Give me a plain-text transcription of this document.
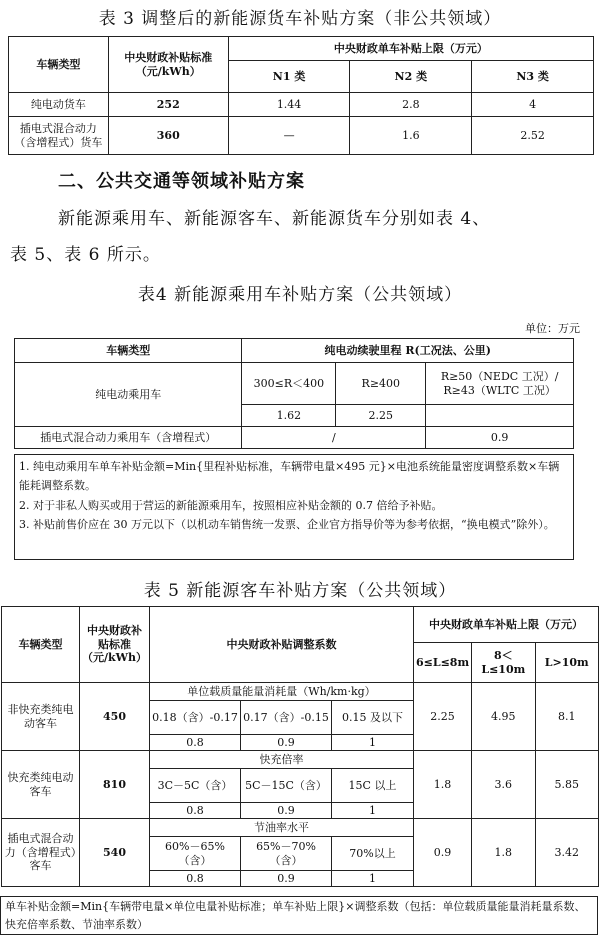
表 3 调整后的新能源货车补贴方案（非公共领域）
车辆类型	中央财政补贴标准（元/kWh）	中央财政单车补贴上限（万元）		
		N1 类	N2 类	N3 类
纯电动货车	252	1.44	2.8	4
插电式混合动力（含增程式）货车	360	—	1.6	2.52
二、公共交通等领域补贴方案
新能源乘用车、新能源客车、新能源货车分别如表 4、
表 5、表 6 所示。
表4 新能源乘用车补贴方案（公共领域）
单位：万元
车辆类型	纯电动续驶里程 R(工况法、公里)		
纯电动乘用车	300≤R＜400	R≥400	R≥50（NEDC 工况）/
R≥43（WLTC 工况）

	1.62	2.25	
插电式混合动力乘用车（含增程式）	/		0.9
1. 纯电动乘用车单车补贴金额=Min{里程补贴标准，车辆带电量×495 元}×电池系统能量密度调整系数×车辆能耗调整系数。
2. 对于非私人购买或用于营运的新能源乘用车，按照相应补贴金额的 0.7 倍给予补贴。
3. 补贴前售价应在 30 万元以下（以机动车销售统一发票、企业官方指导价等为参考依据，“换电模式”除外）。
表 5 新能源客车补贴方案（公共领域）
车辆类型	中央财政补贴标准（元/kWh）	中央财政补贴调整系数			中央财政单车补贴上限（万元）		
					6≤L≤8m	8＜L≤10m	L>10m
非快充类纯电动客车	450	单位载质量能量消耗量（Wh/km·kg）			2.25	4.95	8.1
		0.18（含）-0.17	0.17（含）-0.15	0.15 及以下			
		0.8	0.9	1			
快充类纯电动客车	810	快充倍率			1.8	3.6	5.85
		3C－5C（含）	5C－15C（含）	15C 以上			
		0.8	0.9	1			
插电式混合动力（含增程式）客车	540	节油率水平			0.9	1.8	3.42
		60%－65%（含）	65%－70%（含）	70%以上			
		0.8	0.9	1			
单车补贴金额=Min{车辆带电量×单位电量补贴标准；单车补贴上限}×调整系数（包括：单位载质量能量消耗量系数、快充倍率系数、节油率系数）
